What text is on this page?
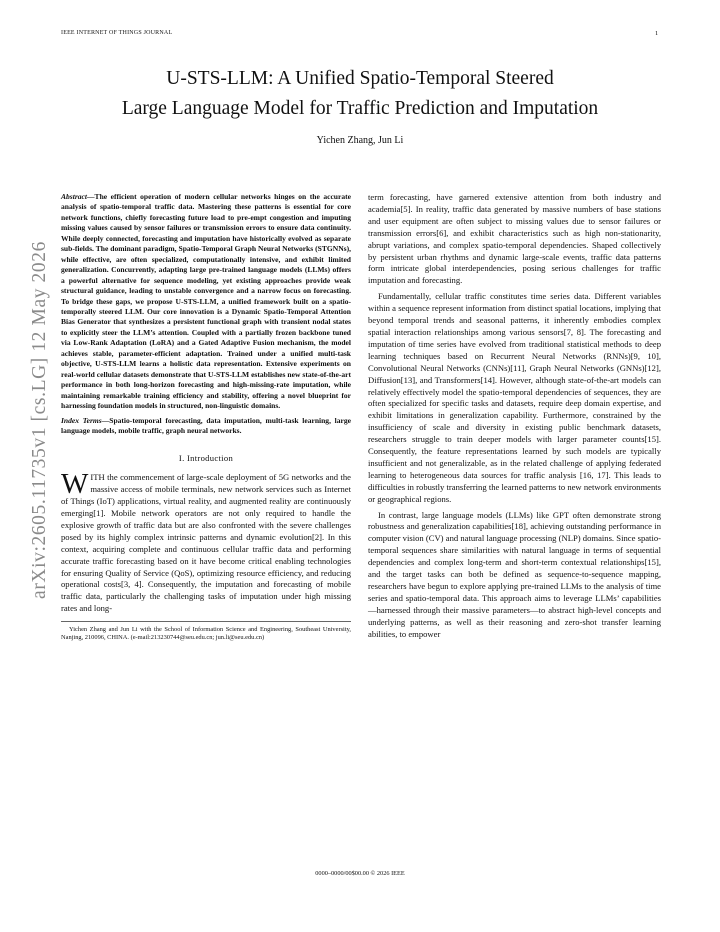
IEEE INTERNET OF THINGS JOURNAL	1
U-STS-LLM: A Unified Spatio-Temporal Steered
Large Language Model for Traffic Prediction and Imputation
Yichen Zhang, Jun Li
arXiv:2605.11735v1 [cs.LG] 12 May 2026
Abstract—The efficient operation of modern cellular networks hinges on the accurate analysis of spatio-temporal traffic data. Mastering these patterns is essential for core network functions, chiefly forecasting future load to pre-empt congestion and imputing missing values caused by sensor failures or transmission errors to ensure data continuity. While deeply connected, forecasting and imputation have historically evolved as separate sub-fields. The dominant paradigm, Spatio-Temporal Graph Neural Networks (STGNNs), while effective, are often specialized, computationally intensive, and exhibit limited generalization. Concurrently, adapting large pre-trained language models (LLMs) offers a powerful alternative for sequence modeling, yet existing approaches provide weak structural guidance, leading to unstable convergence and a narrow focus on forecasting. To bridge these gaps, we propose U-STS-LLM, a unified framework built on a spatio-temporally steered LLM. Our core innovation is a Dynamic Spatio-Temporal Attention Bias Generator that synthesizes a persistent functional graph with transient nodal states to explicitly steer the LLM’s attention. Coupled with a partially frozen backbone tuned via Low-Rank Adaptation (LoRA) and a Gated Adaptive Fusion mechanism, the model achieves stable, parameter-efficient adaptation. Trained under a unified multi-task objective, U-STS-LLM learns a holistic data representation. Extensive experiments on real-world cellular datasets demonstrate that U-STS-LLM establishes new state-of-the-art performance in both long-horizon forecasting and high-missing-rate imputation, while maintaining remarkable training efficiency and stability, offering a novel blueprint for harnessing foundation models in structured, non-linguistic domains.
Index Terms—Spatio-temporal forecasting, data imputation, multi-task learning, large language models, mobile traffic, graph neural networks.
I. Introduction
WITH the commencement of large-scale deployment of 5G networks and the massive access of mobile terminals, new network services such as Internet of Things (IoT) applications, virtual reality, and augmented reality are continuously emerging[1]. Mobile network operators are not only required to handle the explosive growth of traffic data but are also confronted with the severe challenges posed by its highly complex intrinsic patterns and dynamic evolution[2]. In this context, acquiring complete and continuous cellular traffic data and performing accurate traffic forecasting based on it have become critical enabling technologies for ensuring Quality of Service (QoS), optimizing resource efficiency, and reducing operational costs[3, 4]. Consequently, the imputation and forecasting of mobile traffic data, particularly the challenging tasks of imputation under high missing rates and long-
Yichen Zhang and Jun Li with the School of Information Science and Engineering, Southeast University, Nanjing, 210096, CHINA. (e-mail:213230744@seu.edu.cn; jun.li@seu.edu.cn)

term forecasting, have garnered extensive attention from both industry and academia[5]. In reality, traffic data generated by massive numbers of base stations and user equipment are often subject to missing values due to sensor failures or transmission errors[6], and exhibit characteristics such as high non-stationarity, abrupt variations, and complex spatio-temporal dependencies. Shaped collectively by persistent urban rhythms and dynamic large-scale events, traffic data patterns form intricate global interdependencies, posing serious challenges for traffic imputation and forecasting.

Fundamentally, cellular traffic constitutes time series data. Different variables within a sequence represent information from distinct spatial locations, implying that beyond temporal trends and seasonal patterns, it inherently embodies complex spatial interaction relationships among various sensors[7, 8]. The forecasting and imputation of time series have evolved from traditional statistical methods to deep learning techniques based on Recurrent Neural Networks (RNNs)[9, 10], Convolutional Neural Networks (CNNs)[11], Graph Neural Networks (GNNs)[12], Diffusion[13], and Transformers[14]. However, although state-of-the-art models can relatively effectively model the spatio-temporal dependencies of sequences, they are often specialized for specific tasks and datasets, require deep domain expertise, and exhibit limitations in generalization capability. Furthermore, constrained by the insufficiency of scale and diversity in existing public benchmark datasets, researchers struggle to train deeper models with larger parameter counts[15]. Consequently, the feature representations learned by such models are typically insufficient and not generalizable, as in the related challenge of applying federated learning to heterogeneous data sources for traffic analysis [16, 17]. This leads to difficulties in robustly transferring the learned patterns to new network environments or geographical regions.

In contrast, large language models (LLMs) like GPT often demonstrate strong robustness and generalization capabilities[18], achieving outstanding performance in computer vision (CV) and natural language processing (NLP) domains. Since spatio-temporal sequences share similarities with natural language in terms of sequential dependencies and complex long-term and short-term contextual relationships[15], and the target tasks can both be defined as sequence-to-sequence mapping, researchers have begun to explore applying pre-trained LLMs to the analysis of time series and spatio-temporal data. This approach aims to leverage LLMs’ capabilities—harnessed through their massive parameters—to abstract high-level concepts and underlying patterns, as well as their reasoning and zero-shot transfer learning abilities, to empower

0000–0000/00$00.00 © 2026 IEEE
